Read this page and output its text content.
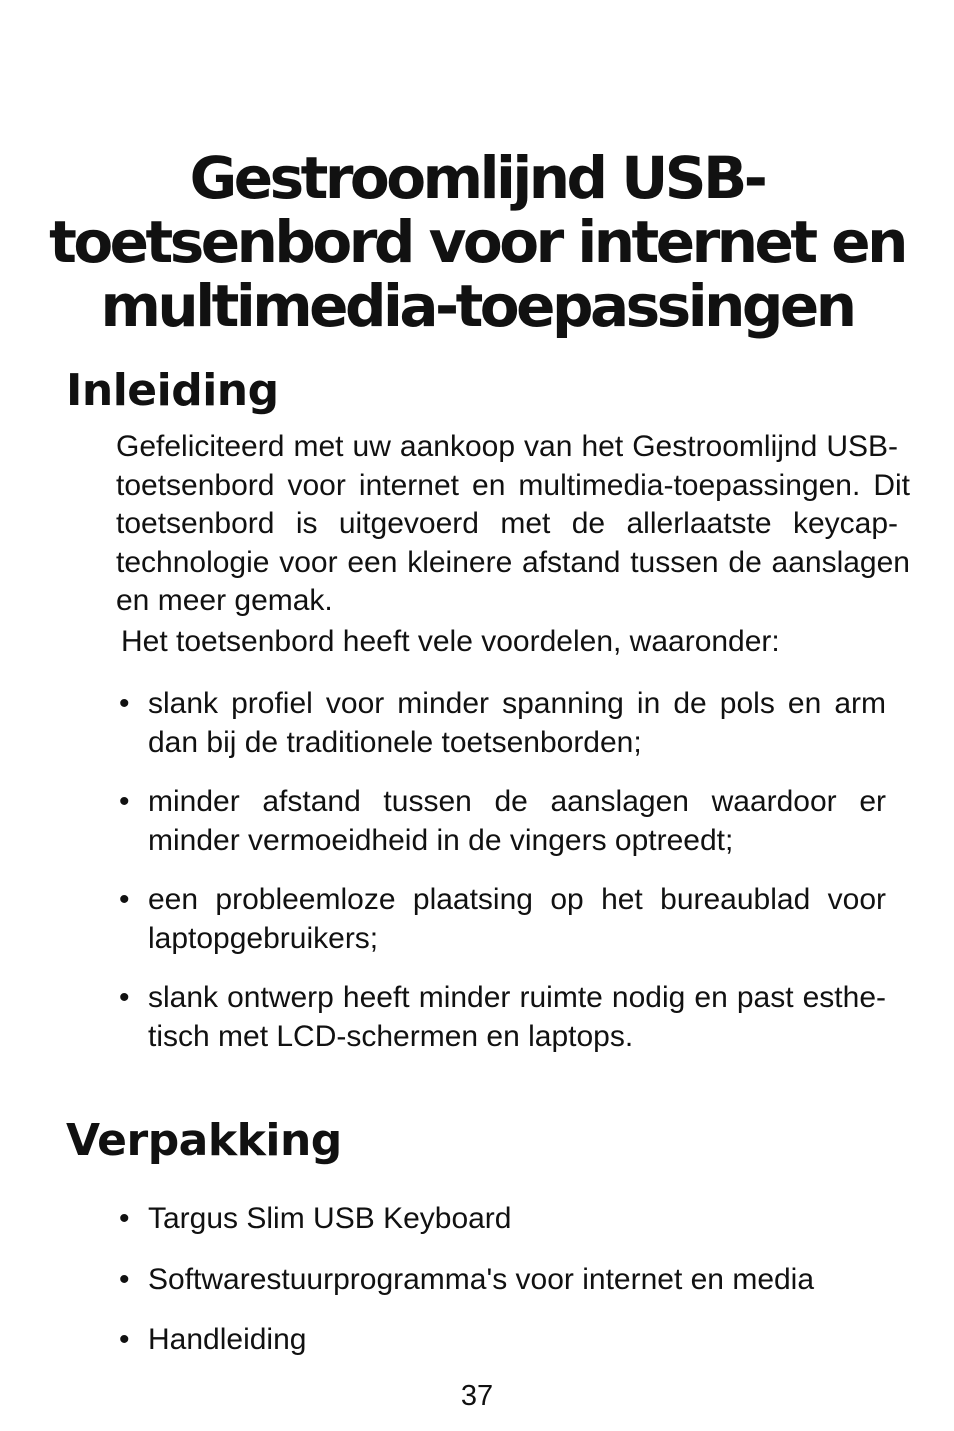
Gestroomlijnd USB-
toetsenbord voor internet en
multimedia-toepassingen
Inleiding
Gefeliciteerd met uw aankoop van het Gestroomlijnd USB-
toetsenbord voor internet en multimedia-toepassingen. Dit
toetsenbord is uitgevoerd met de allerlaatste keycap-
technologie voor een kleinere afstand tussen de aanslagen
en meer gemak.
Het toetsenbord heeft vele voordelen, waaronder:
• slank profiel voor minder spanning in de pols en arm
dan bij de traditionele toetsenborden;
• minder afstand tussen de aanslagen waardoor er
minder vermoeidheid in de vingers optreedt;
• een probleemloze plaatsing op het bureaublad voor
laptopgebruikers;
• slank ontwerp heeft minder ruimte nodig en past esthe-
tisch met LCD-schermen en laptops.
Verpakking
• Targus Slim USB Keyboard
• Softwarestuurprogramma's voor internet en media
• Handleiding
37
